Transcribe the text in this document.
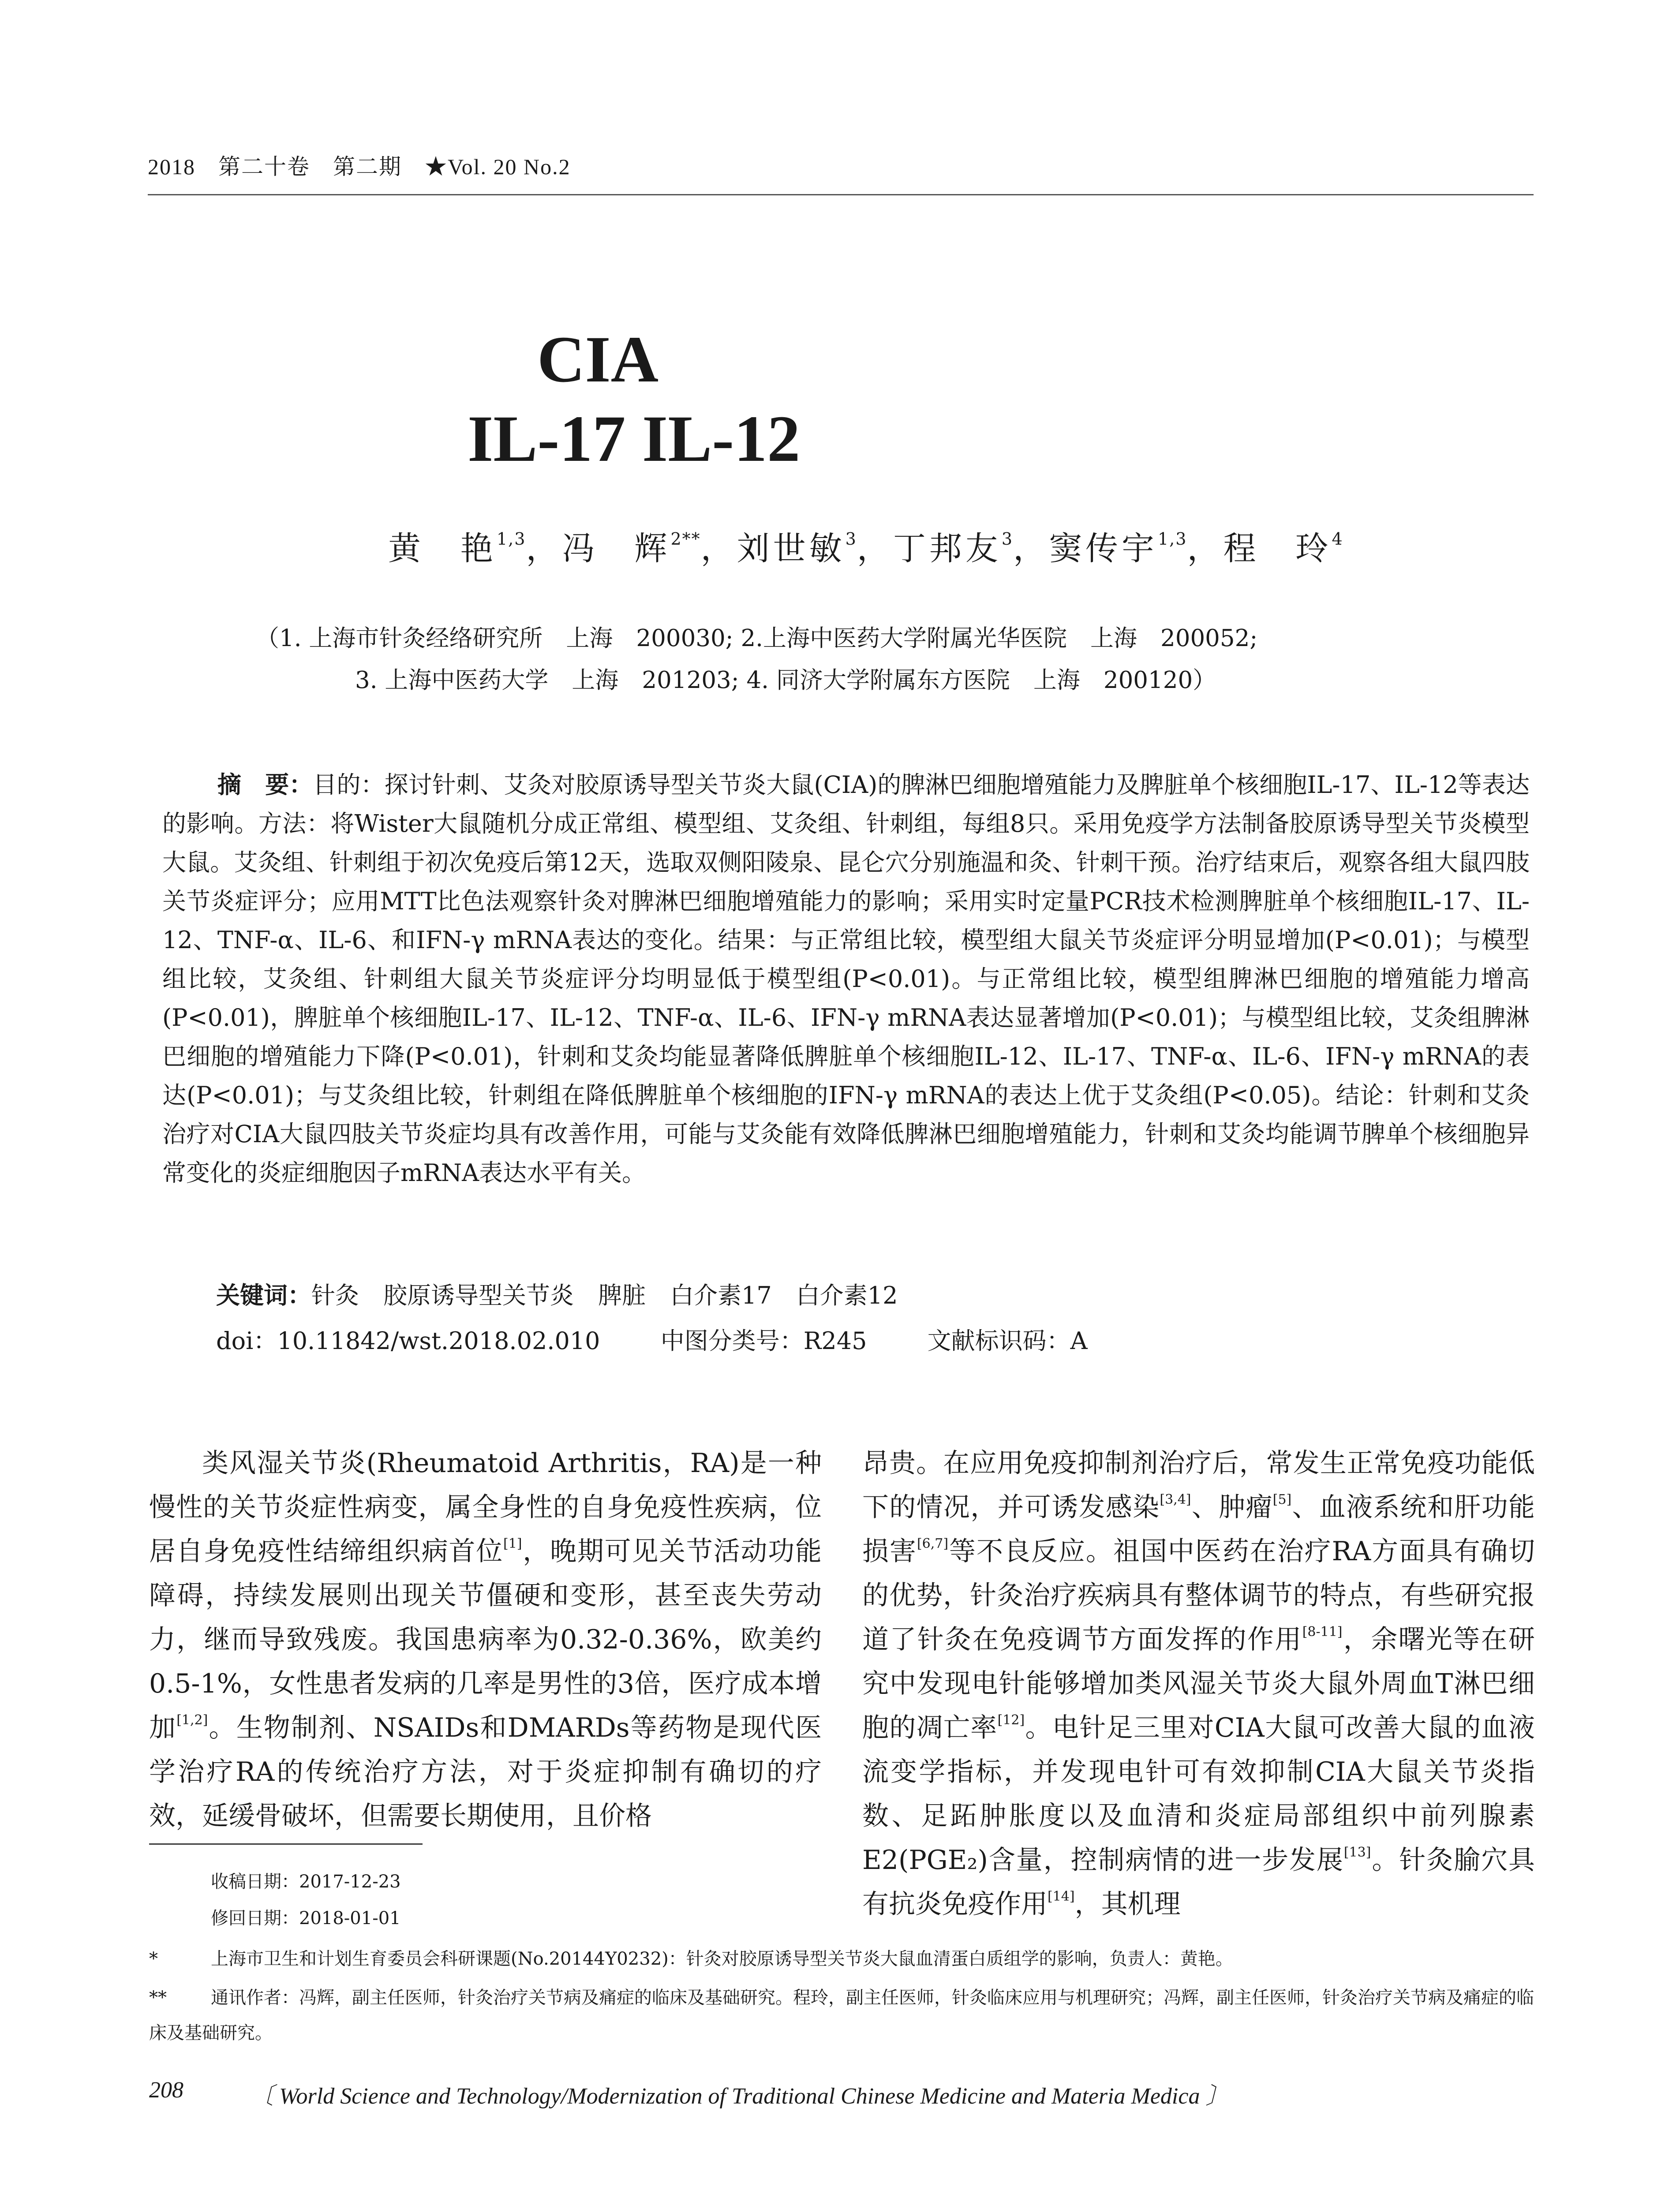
2018　第二十卷　第二期　★Vol. 20 No.2
CIA
IL-17 IL-12
黄　艳$^{1,3}$，冯　辉$^{2**}$，刘世敏$^3$，丁邦友$^3$，窦传宇$^{1,3}$，程　玲$^4$
（1. 上海市针灸经络研究所　上海　200030; 2.上海中医药大学附属光华医院　上海　200052;
3. 上海中医药大学　上海　201203; 4. 同济大学附属东方医院　上海　200120）
摘　要：目的：探讨针刺、艾灸对胶原诱导型关节炎大鼠(CIA)的脾淋巴细胞增殖能力及脾脏单个核细胞IL-17、IL-12等表达的影响。方法：将Wister大鼠随机分成正常组、模型组、艾灸组、针刺组，每组8只。采用免疫学方法制备胶原诱导型关节炎模型大鼠。艾灸组、针刺组于初次免疫后第12天，选取双侧阳陵泉、昆仑穴分别施温和灸、针刺干预。治疗结束后，观察各组大鼠四肢关节炎症评分；应用MTT比色法观察针灸对脾淋巴细胞增殖能力的影响；采用实时定量PCR技术检测脾脏单个核细胞IL-17、IL-12、TNF-α、IL-6、和IFN-γ mRNA表达的变化。结果：与正常组比较，模型组大鼠关节炎症评分明显增加(P<0.01)；与模型组比较，艾灸组、针刺组大鼠关节炎症评分均明显低于模型组(P<0.01)。与正常组比较，模型组脾淋巴细胞的增殖能力增高(P<0.01)，脾脏单个核细胞IL-17、IL-12、TNF-α、IL-6、IFN-γ mRNA表达显著增加(P<0.01)；与模型组比较，艾灸组脾淋巴细胞的增殖能力下降(P<0.01)，针刺和艾灸均能显著降低脾脏单个核细胞IL-12、IL-17、TNF-α、IL-6、IFN-γ mRNA的表达(P<0.01)；与艾灸组比较，针刺组在降低脾脏单个核细胞的IFN-γ mRNA的表达上优于艾灸组(P<0.05)。结论：针刺和艾灸治疗对CIA大鼠四肢关节炎症均具有改善作用，可能与艾灸能有效降低脾淋巴细胞增殖能力，针刺和艾灸均能调节脾单个核细胞异常变化的炎症细胞因子mRNA表达水平有关。
关键词：针灸 胶原诱导型关节炎 脾脏 白介素17 白介素12
doi：10.11842/wst.2018.02.010	中图分类号：R245	文献标识码：A
类风湿关节炎(Rheumatoid Arthritis，RA)是一种慢性的关节炎症性病变，属全身性的自身免疫性疾病，位居自身免疫性结缔组织病首位[1]，晚期可见关节活动功能障碍，持续发展则出现关节僵硬和变形，甚至丧失劳动力，继而导致残废。我国患病率为0.32-0.36%，欧美约0.5-1%，女性患者发病的几率是男性的3倍，医疗成本增加[1,2]。生物制剂、NSAIDs和DMARDs等药物是现代医学治疗RA的传统治疗方法，对于炎症抑制有确切的疗效，延缓骨破坏，但需要长期使用，且价格
昂贵。在应用免疫抑制剂治疗后，常发生正常免疫功能低下的情况，并可诱发感染[3,4]、肿瘤[5]、血液系统和肝功能损害[6,7]等不良反应。祖国中医药在治疗RA方面具有确切的优势，针灸治疗疾病具有整体调节的特点，有些研究报道了针灸在免疫调节方面发挥的作用[8-11]，余曙光等在研究中发现电针能够增加类风湿关节炎大鼠外周血T淋巴细胞的凋亡率[12]。电针足三里对CIA大鼠可改善大鼠的血液流变学指标，并发现电针可有效抑制CIA大鼠关节炎指数、足跖肿胀度以及血清和炎症局部组织中前列腺素E2(PGE₂)含量，控制病情的进一步发展[13]。针灸腧穴具有抗炎免疫作用[14]，其机理
收稿日期：2017-12-23
修回日期：2018-01-01
*	上海市卫生和计划生育委员会科研课题(No.20144Y0232)：针灸对胶原诱导型关节炎大鼠血清蛋白质组学的影响，负责人：黄艳。
**	通讯作者：冯辉，副主任医师，针灸治疗关节病及痛症的临床及基础研究。程玲，副主任医师，针灸临床应用与机理研究；冯辉，副主任医师，针灸治疗关节病及痛症的临床及基础研究。
208	〔 World Science and Technology/Modernization of Traditional Chinese Medicine and Materia Medica 〕
